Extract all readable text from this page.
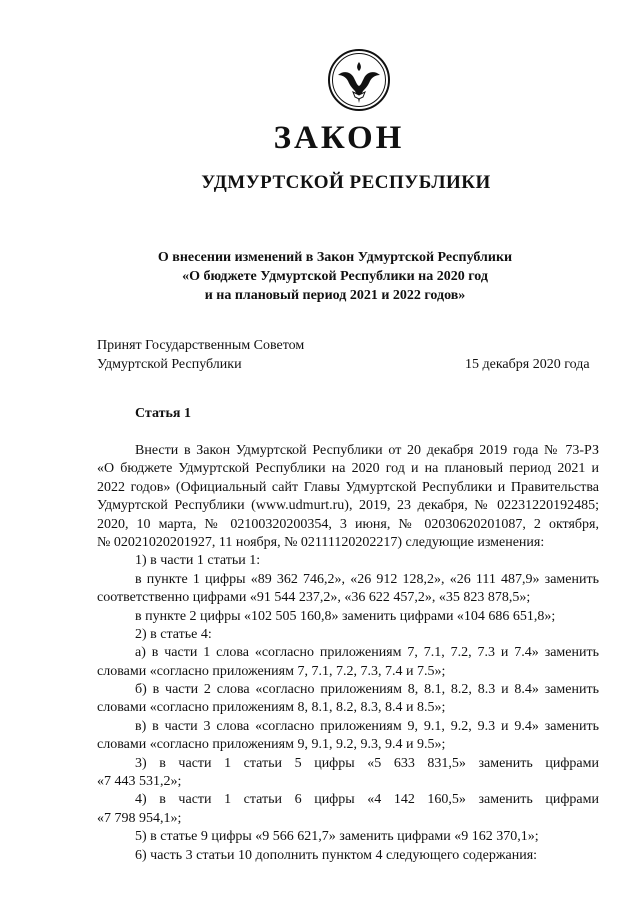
ЗАКОН
УДМУРТСКОЙ РЕСПУБЛИКИ
О внесении изменений в Закон Удмуртской Республики
«О бюджете Удмуртской Республики на 2020 год
и на плановый период 2021 и 2022 годов»
Принят Государственным Советом
Удмуртской Республики	15 декабря 2020 года
Статья 1
Внести в Закон Удмуртской Республики от 20 декабря 2019 года № 73-РЗ
«О бюджете Удмуртской Республики на 2020 год и на плановый период 2021 и
2022 годов» (Официальный сайт Главы Удмуртской Республики и Правительства
Удмуртской Республики (www.udmurt.ru), 2019, 23 декабря, № 02231220192485;
2020, 10 марта, № 02100320200354, 3 июня, № 02030620201087, 2 октября,
№ 02021020201927, 11 ноября, № 02111120202217) следующие изменения:
1) в части 1 статьи 1:
в пункте 1 цифры «89 362 746,2», «26 912 128,2», «26 111 487,9» заменить
соответственно цифрами «91 544 237,2», «36 622 457,2», «35 823 878,5»;
в пункте 2 цифры «102 505 160,8» заменить цифрами «104 686 651,8»;
2) в статье 4:
а) в части 1 слова «согласно приложениям 7, 7.1, 7.2, 7.3 и 7.4» заменить
словами «согласно приложениям 7, 7.1, 7.2, 7.3, 7.4 и 7.5»;
б) в части 2 слова «согласно приложениям 8, 8.1, 8.2, 8.3 и 8.4» заменить
словами «согласно приложениям 8, 8.1, 8.2, 8.3, 8.4 и 8.5»;
в) в части 3 слова «согласно приложениям 9, 9.1, 9.2, 9.3 и 9.4» заменить
словами «согласно приложениям 9, 9.1, 9.2, 9.3, 9.4 и 9.5»;
3) в части 1 статьи 5 цифры «5 633 831,5» заменить цифрами
«7 443 531,2»;
4) в части 1 статьи 6 цифры «4 142 160,5» заменить цифрами
«7 798 954,1»;
5) в статье 9 цифры «9 566 621,7» заменить цифрами «9 162 370,1»;
6) часть 3 статьи 10 дополнить пунктом 4 следующего содержания:
